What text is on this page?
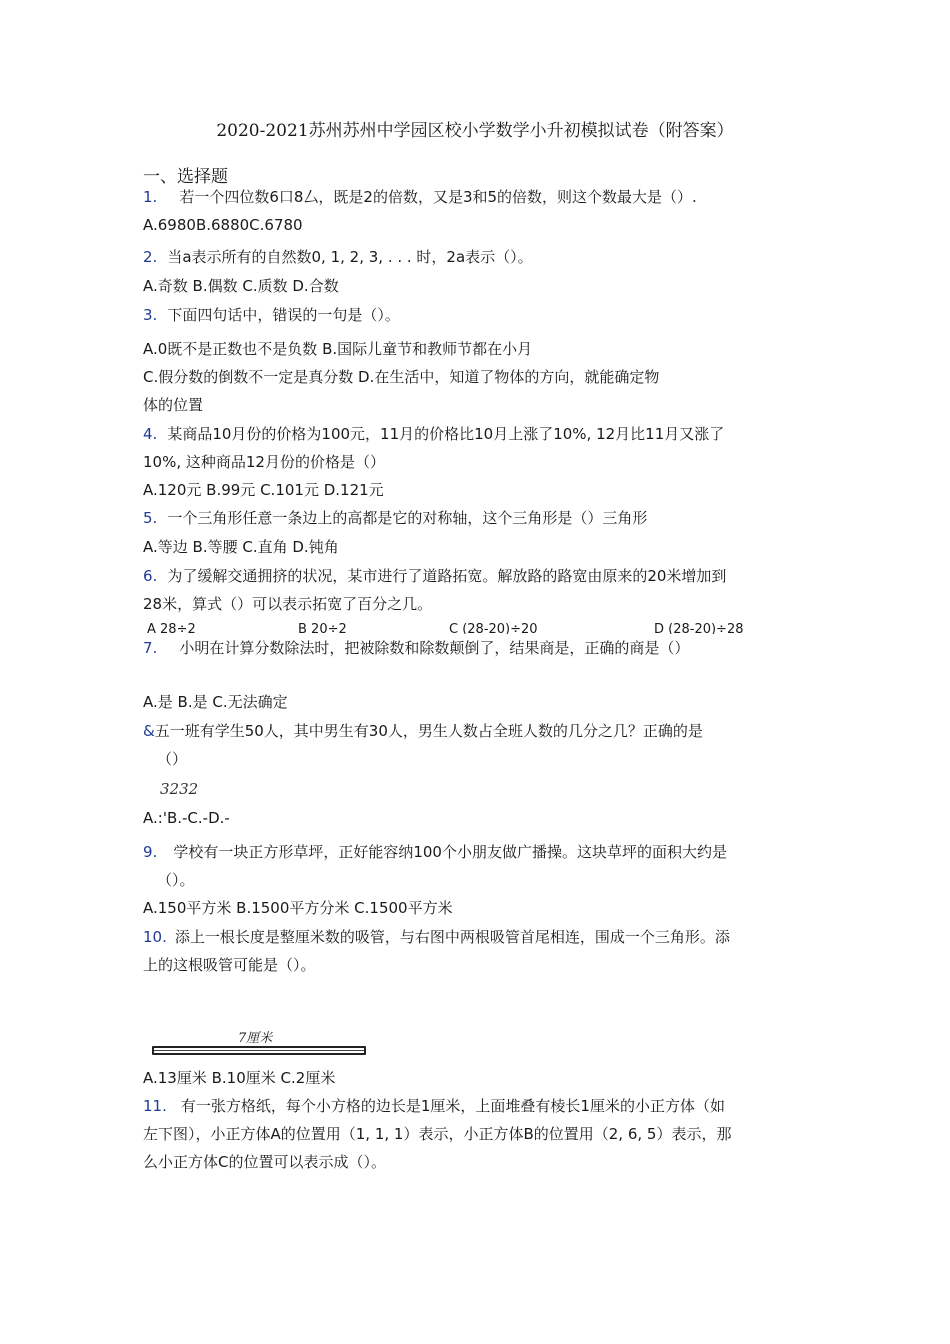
2020-2021苏州苏州中学园区校小学数学小升初模拟试卷（附答案）
一、选择题
1. 若一个四位数6口8厶，既是2的倍数，又是3和5的倍数，则这个数最大是（）.
A.6980B.6880C.6780
2. 当a表示所有的自然数0, 1, 2, 3, . . . 时，2a表示（）。
A.奇数 B.偶数 C.质数 D.合数
3. 下面四句话中，错误的一句是（）。
A.0既不是正数也不是负数 B.国际儿童节和教师节都在小月
C.假分数的倒数不一定是真分数 D.在生活中，知道了物体的方向，就能确定物
体的位置
4. 某商品10月份的价格为100元，11月的价格比10月上涨了10%, 12月比11月又涨了
10%, 这种商品12月份的价格是（）
A.120元 B.99元 C.101元 D.121元
5. 一个三角形任意一条边上的高都是它的对称轴，这个三角形是（）三角形
A.等边 B.等腰 C.直角 D.钝角
6. 为了缓解交通拥挤的状况，某市进行了道路拓宽。解放路的路宽由原来的20米增加到
28米，算式（）可以表示拓宽了百分之几。
A 28÷2	B 20÷2	C (28-20)÷20	D (28-20)÷28
7. 小明在计算分数除法时，把被除数和除数颠倒了，结果商是，正确的商是（）
A.是 B.是 C.无法确定
&五一班有学生50人，其中男生有30人，男生人数占全班人数的几分之几？正确的是
（）
3232
A.:'B.-C.-D.-
9. 学校有一块正方形草坪，正好能容纳100个小朋友做广播操。这块草坪的面积大约是
（）。
A.150平方米 B.1500平方分米 C.1500平方米
10. 添上一根长度是整厘米数的吸管，与右图中两根吸管首尾相连，围成一个三角形。添
上的这根吸管可能是（）。
7厘米
A.13厘米 B.10厘米 C.2厘米
11. 有一张方格纸，每个小方格的边长是1厘米，上面堆叠有棱长1厘米的小正方体（如
左下图），小正方体A的位置用（1, 1, 1）表示，小正方体B的位置用（2, 6, 5）表示，那
么小正方体C的位置可以表示成（）。
